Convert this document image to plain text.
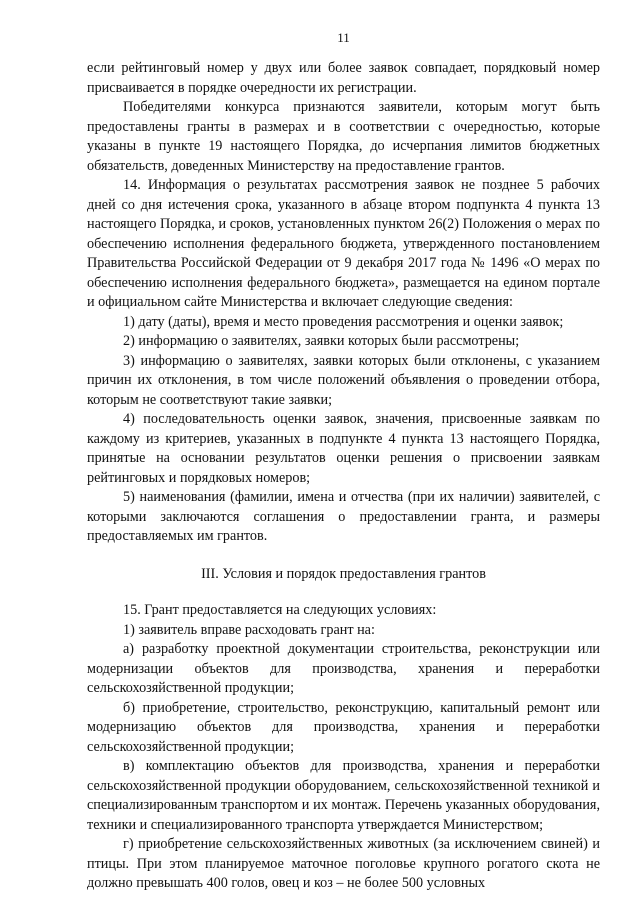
11

если рейтинговый номер у двух или более заявок совпадает, порядковый номер присваивается в порядке очередности их регистрации.

Победителями конкурса признаются заявители, которым могут быть предоставлены гранты в размерах и в соответствии с очередностью, которые указаны в пункте 19 настоящего Порядка, до исчерпания лимитов бюджетных обязательств, доведенных Министерству на предоставление грантов.

14. Информация о результатах рассмотрения заявок не позднее 5 рабочих дней со дня истечения срока, указанного в абзаце втором подпункта 4 пункта 13 настоящего Порядка, и сроков, установленных пунктом 26(2) Положения о мерах по обеспечению исполнения федерального бюджета, утвержденного постановлением Правительства Российской Федерации от 9 декабря 2017 года № 1496 «О мерах по обеспечению исполнения федерального бюджета», размещается на едином портале и официальном сайте Министерства и включает следующие сведения:

1) дату (даты), время и место проведения рассмотрения и оценки заявок;

2) информацию о заявителях, заявки которых были рассмотрены;

3) информацию о заявителях, заявки которых были отклонены, с указанием причин их отклонения, в том числе положений объявления о проведении отбора, которым не соответствуют такие заявки;

4) последовательность оценки заявок, значения, присвоенные заявкам по каждому из критериев, указанных в подпункте 4 пункта 13 настоящего Порядка, принятые на основании результатов оценки решения о присвоении заявкам рейтинговых и порядковых номеров;

5) наименования (фамилии, имена и отчества (при их наличии) заявителей, с которыми заключаются соглашения о предоставлении гранта, и размеры предоставляемых им грантов.

III. Условия и порядок предоставления грантов

15. Грант предоставляется на следующих условиях:

1) заявитель вправе расходовать грант на:

а) разработку проектной документации строительства, реконструкции или модернизации объектов для производства, хранения и переработки сельскохозяйственной продукции;

б) приобретение, строительство, реконструкцию, капитальный ремонт или модернизацию объектов для производства, хранения и переработки сельскохозяйственной продукции;

в) комплектацию объектов для производства, хранения и переработки сельскохозяйственной продукции оборудованием, сельскохозяйственной техникой и специализированным транспортом и их монтаж. Перечень указанных оборудования, техники и специализированного транспорта утверждается Министерством;

г) приобретение сельскохозяйственных животных (за исключением свиней) и птицы. При этом планируемое маточное поголовье крупного рогатого скота не должно превышать 400 голов, овец и коз – не более 500 условных
